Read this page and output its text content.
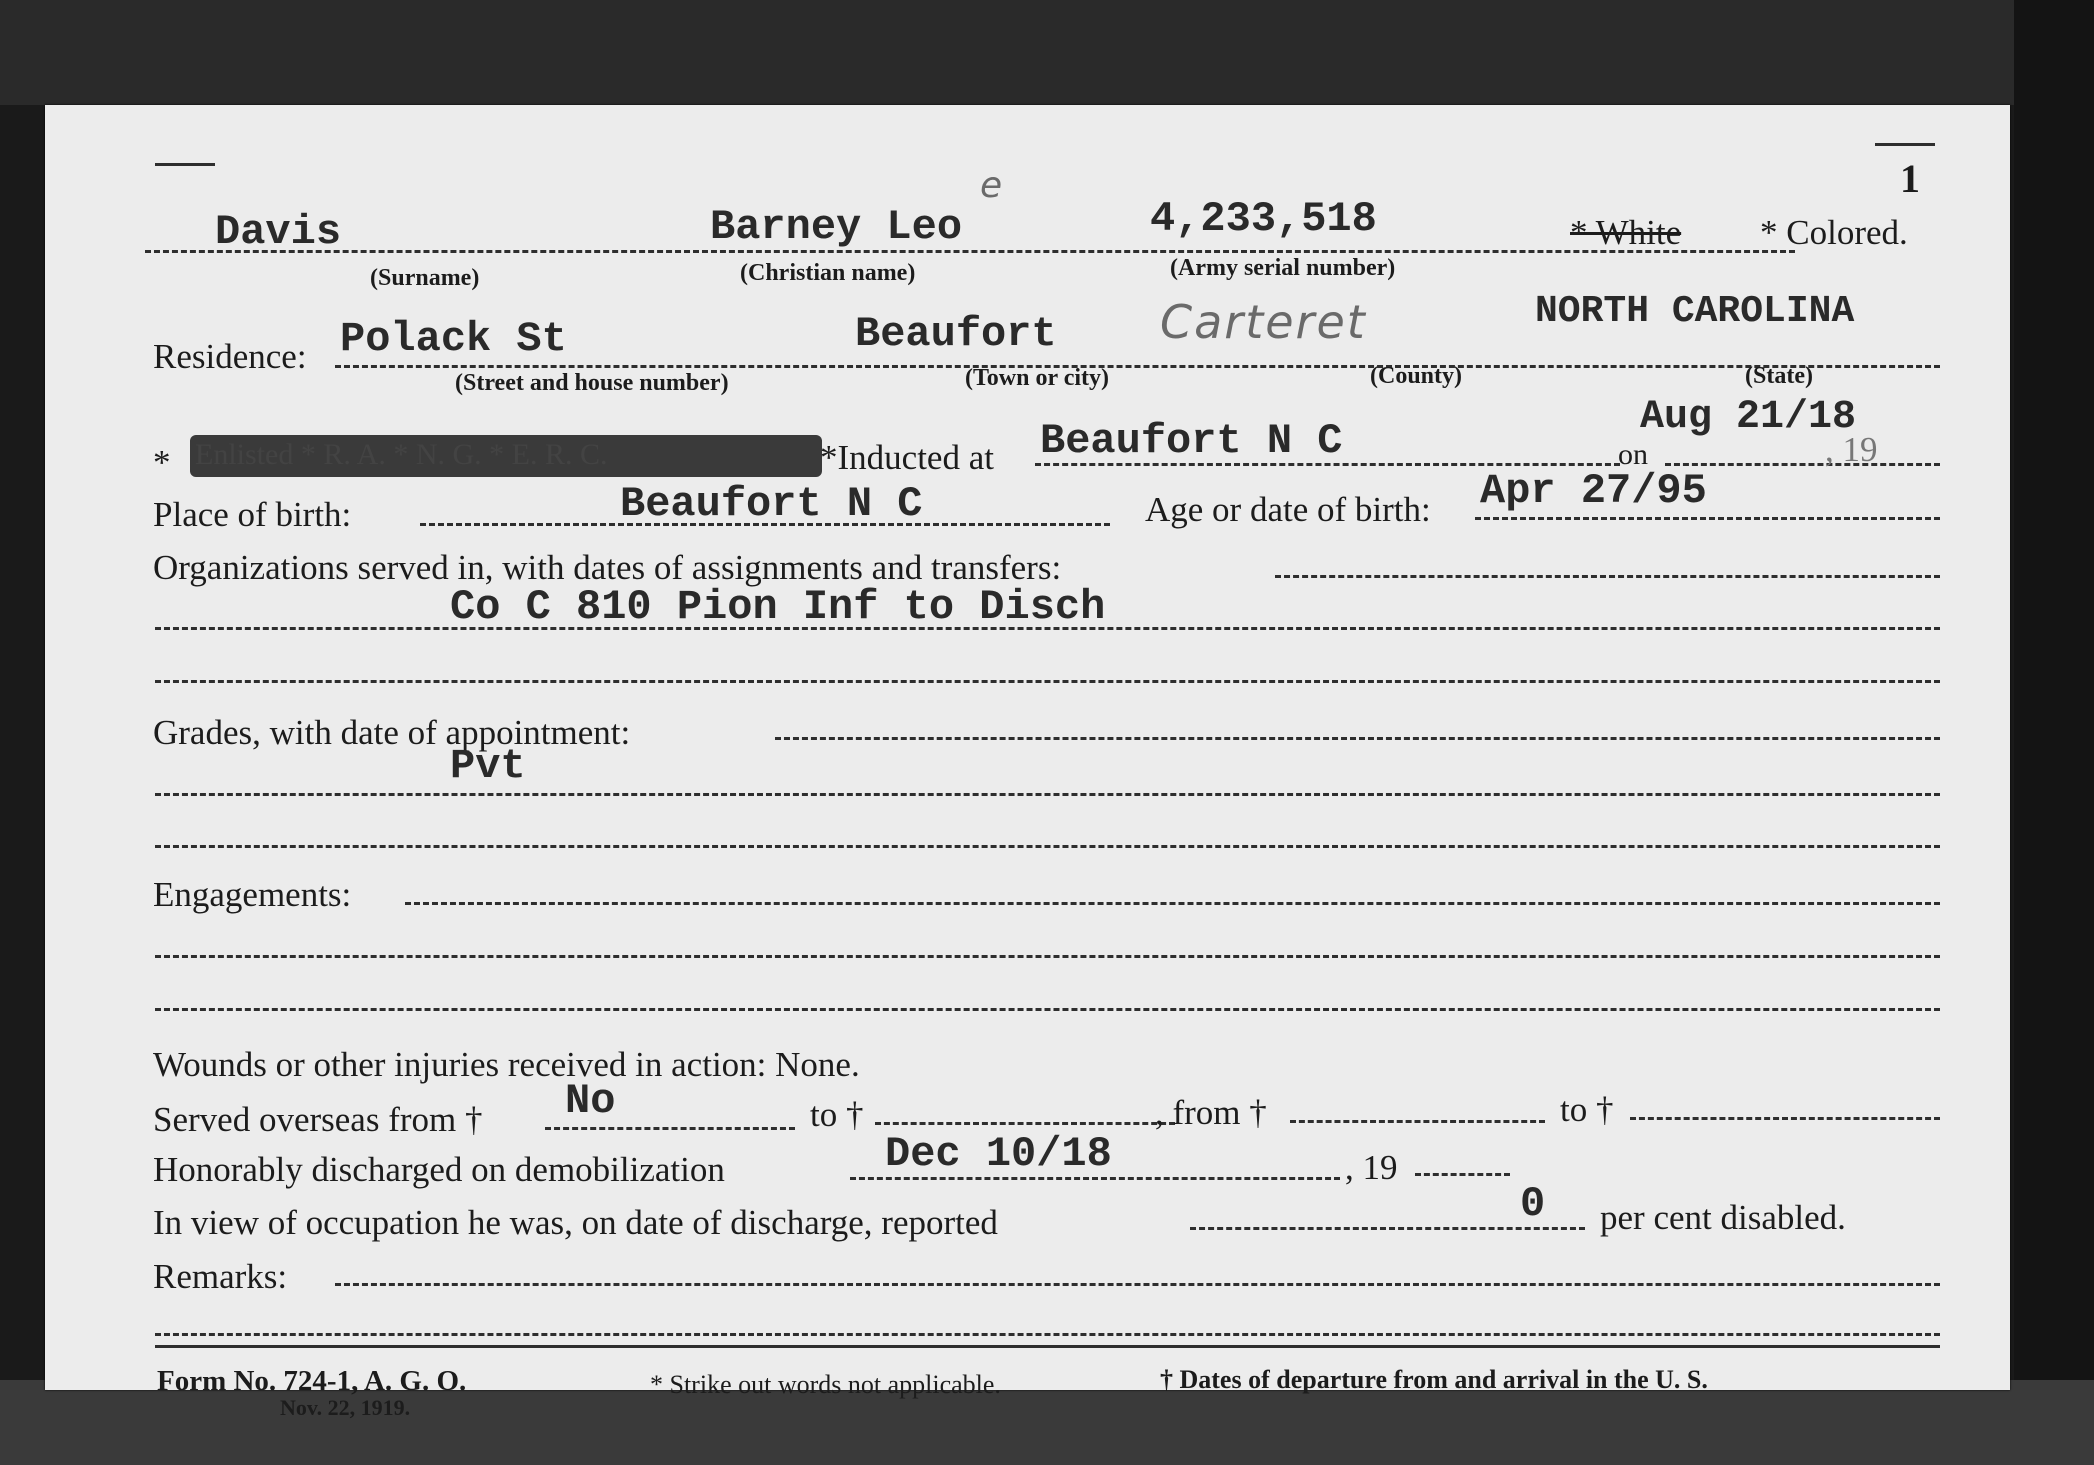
1
Davis	Barney Leo
e
4,233,518	* White * Colored.
(Surname)	(Christian name)	(Army serial number)
Residence: Polack St	Beaufort Carteret	NORTH CAROLINA
(Street and house number)	(Town or city)	(County)	(State)
* Enlisted * R. A. * N. G. * E. R. C.	*Inducted at Beaufort N C	on
Aug 21/18
, 19
Place of birth:	Beaufort N C	Age or date of birth: Apr 27/95
Organizations served in, with dates of assignments and transfers:
Co C 810 Pion Inf to Disch
Grades, with date of appointment:
Pvt
Engagements:
Wounds or other injuries received in action: None.
Served overseas from † No	to †	, from †	to †
Honorably discharged on demobilization	Dec 10/18	, 19
In view of occupation he was, on date of discharge, reported	0 per cent disabled.
Remarks:
Form No. 724-1, A. G. O.
Nov. 22, 1919.
* Strike out words not applicable.	† Dates of departure from and arrival in the U. S.
